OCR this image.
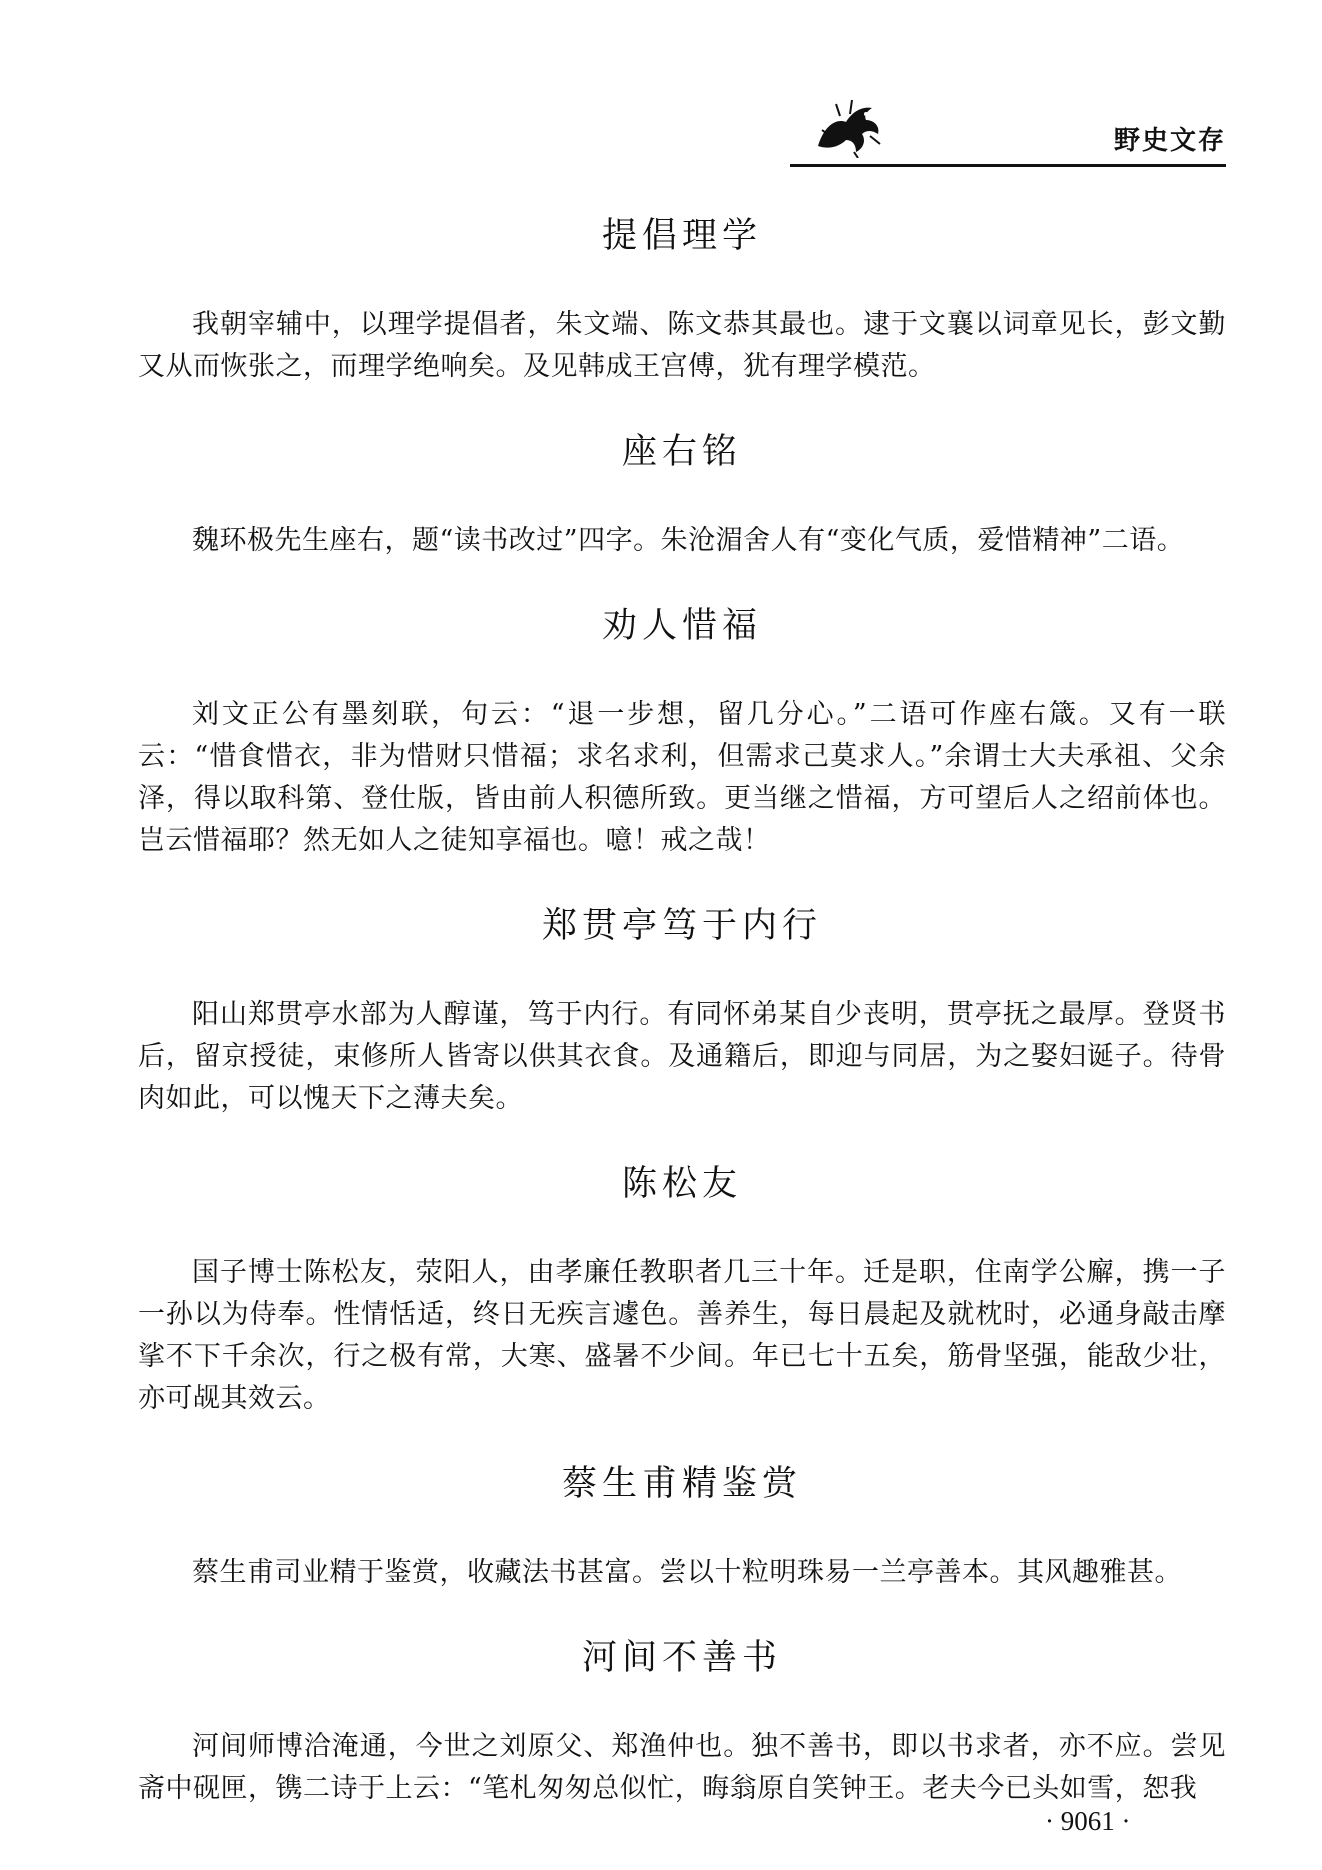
野史文存
提倡理学

我朝宰辅中，以理学提倡者，朱文端、陈文恭其最也。逮于文襄以词章见长，彭文勤又从而恢张之，而理学绝响矣。及见韩成王宫傅，犹有理学模范。

座右铭

魏环极先生座右，题“读书改过”四字。朱沧湄舍人有“变化气质，爱惜精神”二语。

劝人惜福

刘文正公有墨刻联，句云：“退一步想，留几分心。”二语可作座右箴。又有一联云：“惜食惜衣，非为惜财只惜福；求名求利，但需求己莫求人。”余谓士大夫承祖、父余泽，得以取科第、登仕版，皆由前人积德所致。更当继之惜福，方可望后人之绍前体也。岂云惜福耶？然无如人之徒知享福也。噫！戒之哉！

郑贯亭笃于内行

阳山郑贯亭水部为人醇谨，笃于内行。有同怀弟某自少丧明，贯亭抚之最厚。登贤书后，留京授徒，束修所人皆寄以供其衣食。及通籍后，即迎与同居，为之娶妇诞子。待骨肉如此，可以愧天下之薄夫矣。

陈松友

国子博士陈松友，荥阳人，由孝廉任教职者几三十年。迁是职，住南学公廨，携一子一孙以为侍奉。性情恬适，终日无疾言遽色。善养生，每日晨起及就枕时，必通身敲击摩挲不下千余次，行之极有常，大寒、盛暑不少间。年已七十五矣，筋骨坚强，能敌少壮，亦可觇其效云。

蔡生甫精鉴赏

蔡生甫司业精于鉴赏，收藏法书甚富。尝以十粒明珠易一兰亭善本。其风趣雅甚。

河间不善书

河间师博洽淹通，今世之刘原父、郑渔仲也。独不善书，即以书求者，亦不应。尝见斋中砚匣，镌二诗于上云：“笔札匆匆总似忙，晦翁原自笑钟王。老夫今已头如雪，恕我

· 9061 ·
